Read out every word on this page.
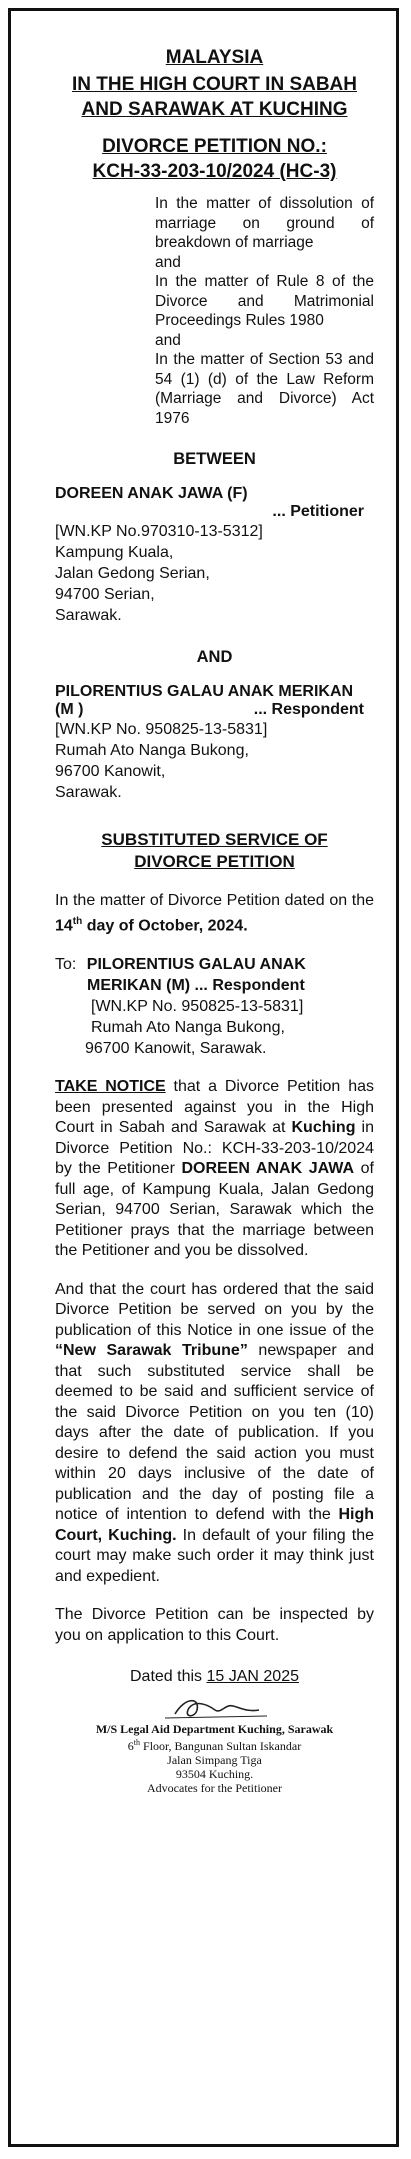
MALAYSIA
IN THE HIGH COURT IN SABAH
AND SARAWAK AT KUCHING
DIVORCE PETITION NO.:
KCH-33-203-10/2024 (HC-3)
In the matter of dissolution of marriage on ground of breakdown of marriage
and
In the matter of Rule 8 of the Divorce and Matrimonial Proceedings Rules 1980
and
In the matter of Section 53 and 54 (1) (d) of the Law Reform (Marriage and Divorce) Act 1976
BETWEEN
DOREEN ANAK JAWA (F)
... Petitioner
[WN.KP No.970310-13-5312]
Kampung Kuala,
Jalan Gedong Serian,
94700 Serian,
Sarawak.
AND
PILORENTIUS GALAU ANAK MERIKAN
(M )	... Respondent
[WN.KP No. 950825-13-5831]
Rumah Ato Nanga Bukong,
96700 Kanowit,
Sarawak.
SUBSTITUTED SERVICE OF
DIVORCE PETITION
In the matter of Divorce Petition dated on the 14th day of October, 2024.
To: PILORENTIUS GALAU ANAK
MERIKAN (M) ... Respondent
[WN.KP No. 950825-13-5831]
Rumah Ato Nanga Bukong,
96700 Kanowit, Sarawak.
TAKE NOTICE that a Divorce Petition has been presented against you in the High Court in Sabah and Sarawak at Kuching in Divorce Petition No.: KCH-33-203-10/2024 by the Petitioner DOREEN ANAK JAWA of full age, of Kampung Kuala, Jalan Gedong Serian, 94700 Serian, Sarawak which the Petitioner prays that the marriage between the Petitioner and you be dissolved.
And that the court has ordered that the said Divorce Petition be served on you by the publication of this Notice in one issue of the “New Sarawak Tribune” newspaper and that such substituted service shall be deemed to be said and sufficient service of the said Divorce Petition on you ten (10) days after the date of publication. If you desire to defend the said action you must within 20 days inclusive of the date of publication and the day of posting file a notice of intention to defend with the High Court, Kuching. In default of your filing the court may make such order it may think just and expedient.
The Divorce Petition can be inspected by you on application to this Court.
Dated this 15 JAN 2025
M/S Legal Aid Department Kuching, Sarawak
6th Floor, Bangunan Sultan Iskandar
Jalan Simpang Tiga
93504 Kuching.
Advocates for the Petitioner
